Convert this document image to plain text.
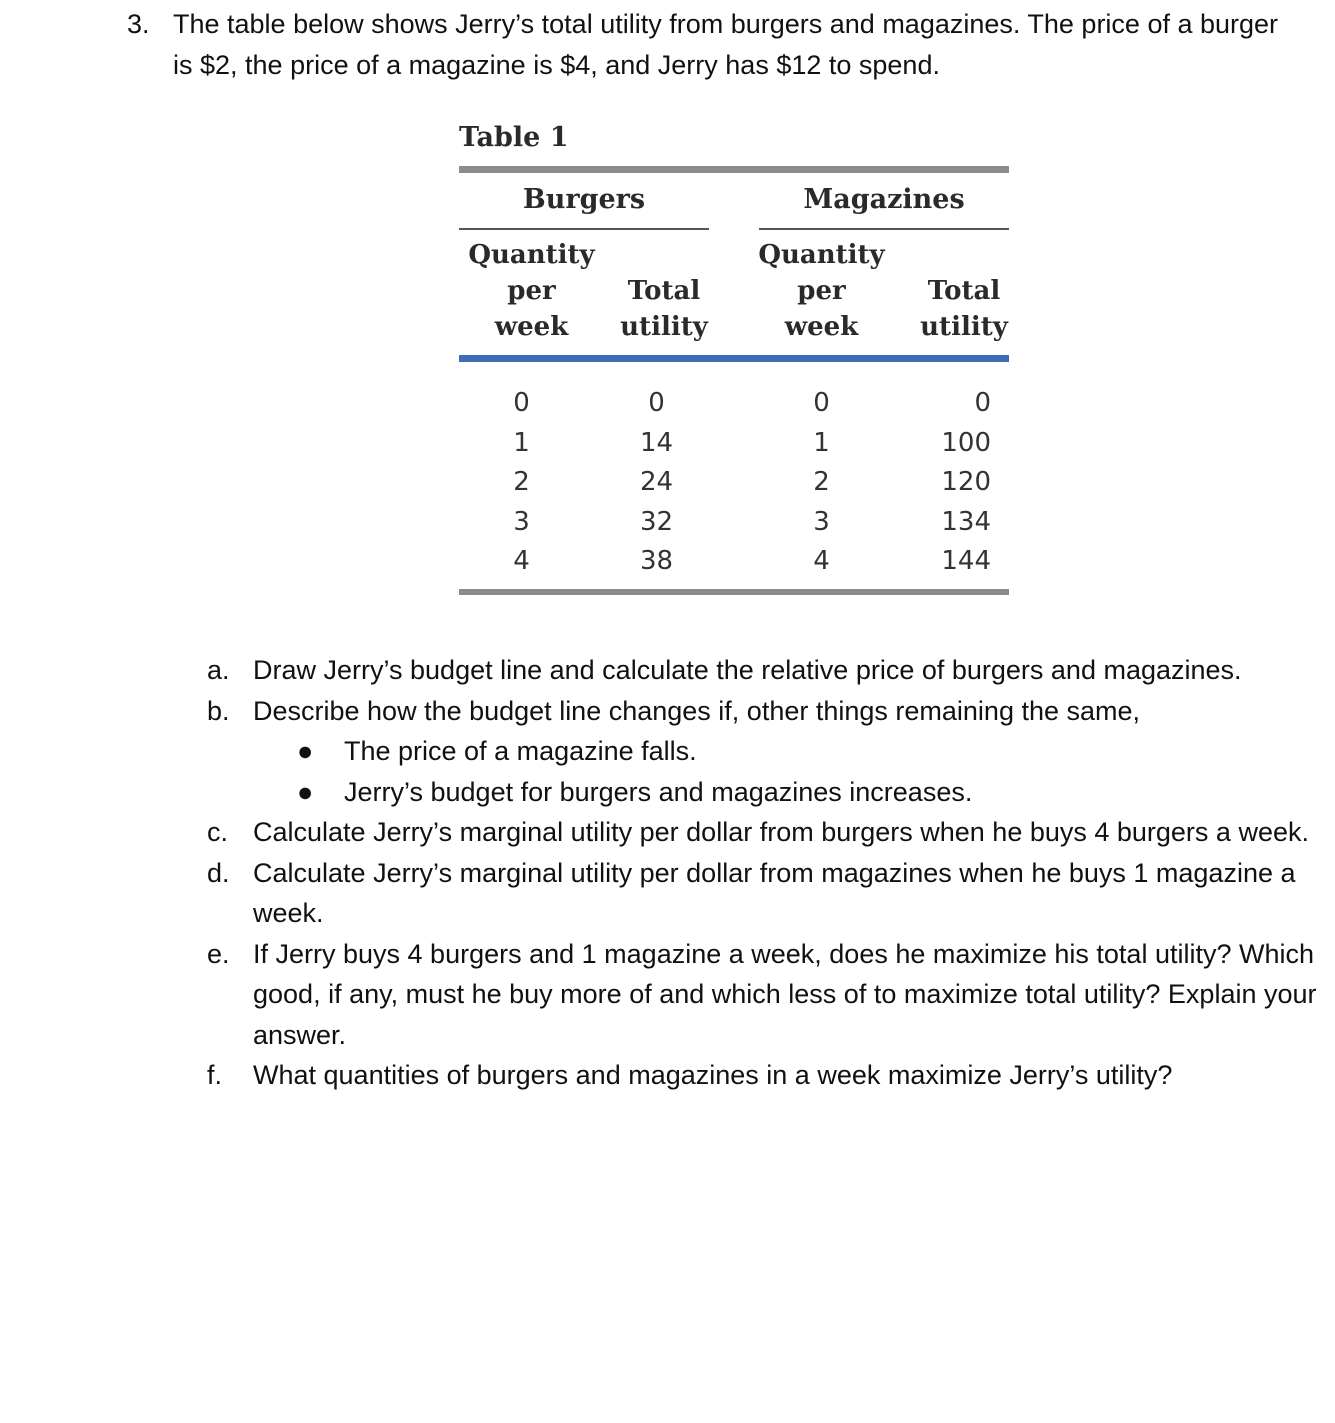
3. The table below shows Jerry’s total utility from burgers and magazines. The price of a burger is $2, the price of a magazine is $4, and Jerry has $12 to spend.
Table 1
Burgers	Magazines
Quantity
per
week
Total
utility
Quantity
per
week
Total
utility
0
1
2
3
4
0
14
24
32
38
0
1
2
3
4
0
100
120
134
144
a. Draw Jerry’s budget line and calculate the relative price of burgers and magazines.
b. Describe how the budget line changes if, other things remaining the same,
● The price of a magazine falls.
● Jerry’s budget for burgers and magazines increases.
c. Calculate Jerry’s marginal utility per dollar from burgers when he buys 4 burgers a week.
d. Calculate Jerry’s marginal utility per dollar from magazines when he buys 1 magazine a week.
e. If Jerry buys 4 burgers and 1 magazine a week, does he maximize his total utility? Which good, if any, must he buy more of and which less of to maximize total utility? Explain your answer.
f. What quantities of burgers and magazines in a week maximize Jerry’s utility?
